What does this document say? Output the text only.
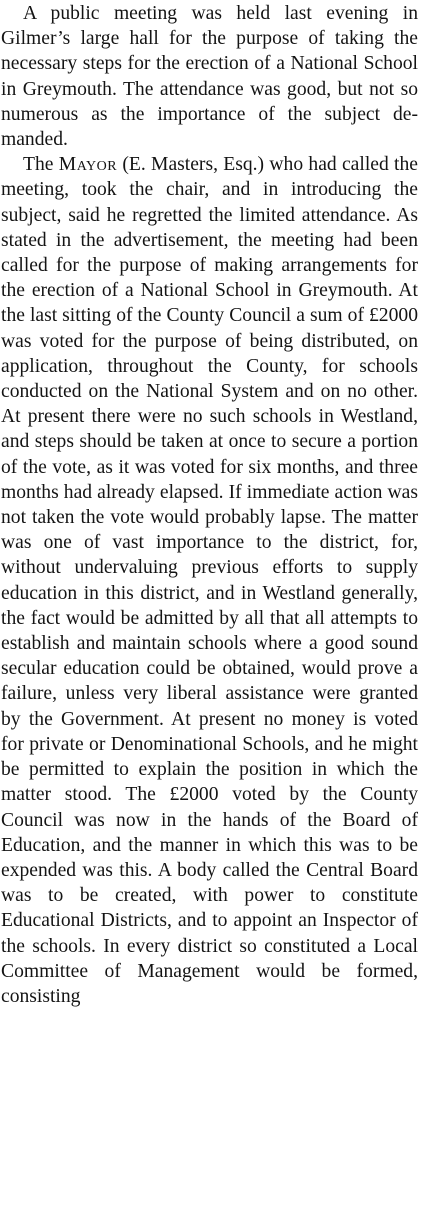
A public meeting was held last evening in Gilmer’s large hall for the purpose of taking the necessary steps for the erection of a National School in Greymouth. The attendance was good, but not so numerous as the importance of the subject demanded.

The Mayor (E. Masters, Esq.) who had called the meeting, took the chair, and in introducing the subject, said he regretted the limited attendance. As stated in the advertisement, the meeting had been called for the purpose of making arrangements for the erection of a National School in Greymouth. At the last sitting of the County Council a sum of £2000 was voted for the purpose of being distributed, on application, throughout the County, for schools conducted on the National System and on no other. At present there were no such schools in Westland, and steps should be taken at once to secure a portion of the vote, as it was voted for six months, and three months had already elapsed. If immediate action was not taken the vote would probably lapse. The matter was one of vast importance to the district, for, without undervaluing previous efforts to supply education in this district, and in Westland generally, the fact would be admitted by all that all attempts to establish and maintain schools where a good sound secular education could be obtained, would prove a failure, unless very liberal assistance were granted by the Government. At present no money is voted for private or Denominational Schools, and he might be permitted to explain the position in which the matter stood. The £2000 voted by the County Council was now in the hands of the Board of Education, and the manner in which this was to be expended was this. A body called the Central Board was to be created, with power to constitute Educational Districts, and to appoint an Inspector of the schools. In every district so constituted a Local Committee of Management would be formed, consisting
